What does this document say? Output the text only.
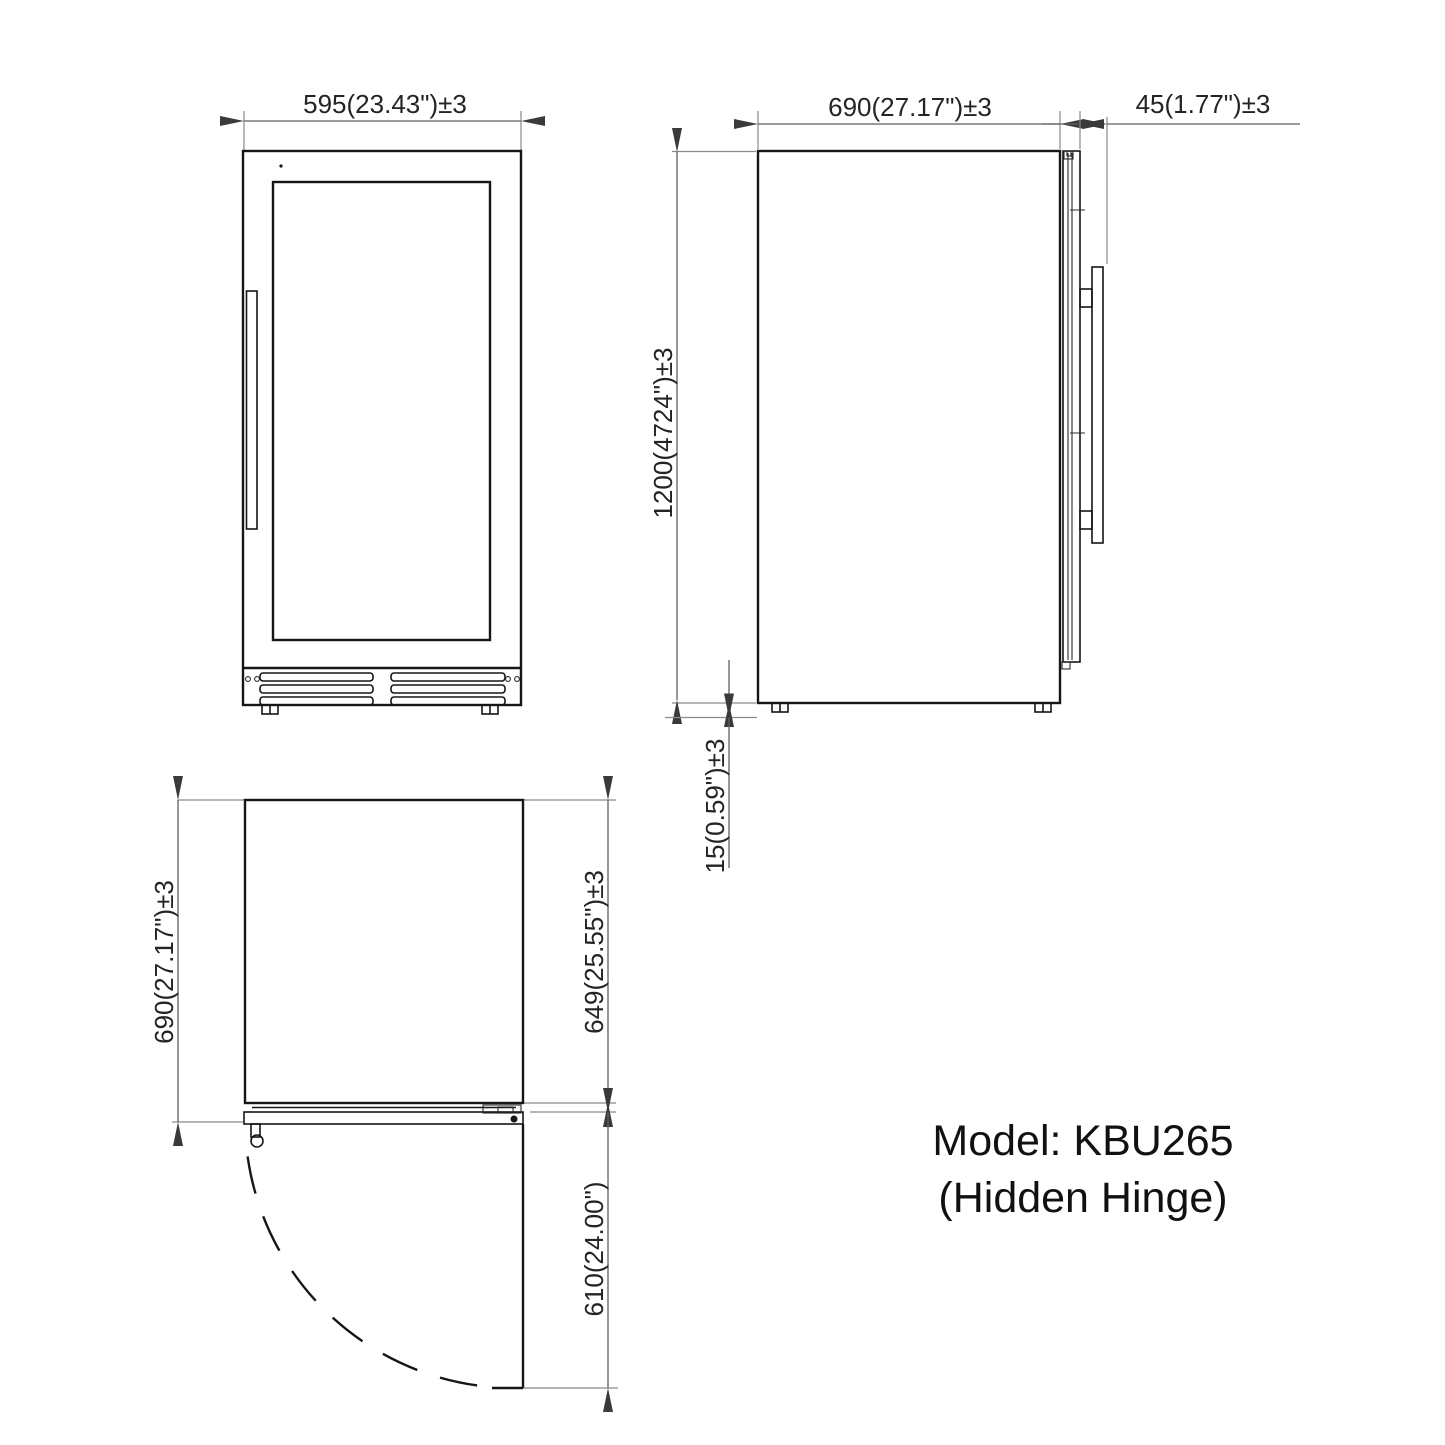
595(23.43")±3	690(27.17")±3	45(1.77")±3
1200(4724")±3
15(0.59")±3
690(27.17")±3	649(25.55")±3
610(24.00")
Model: KBU265
(Hidden Hinge)
